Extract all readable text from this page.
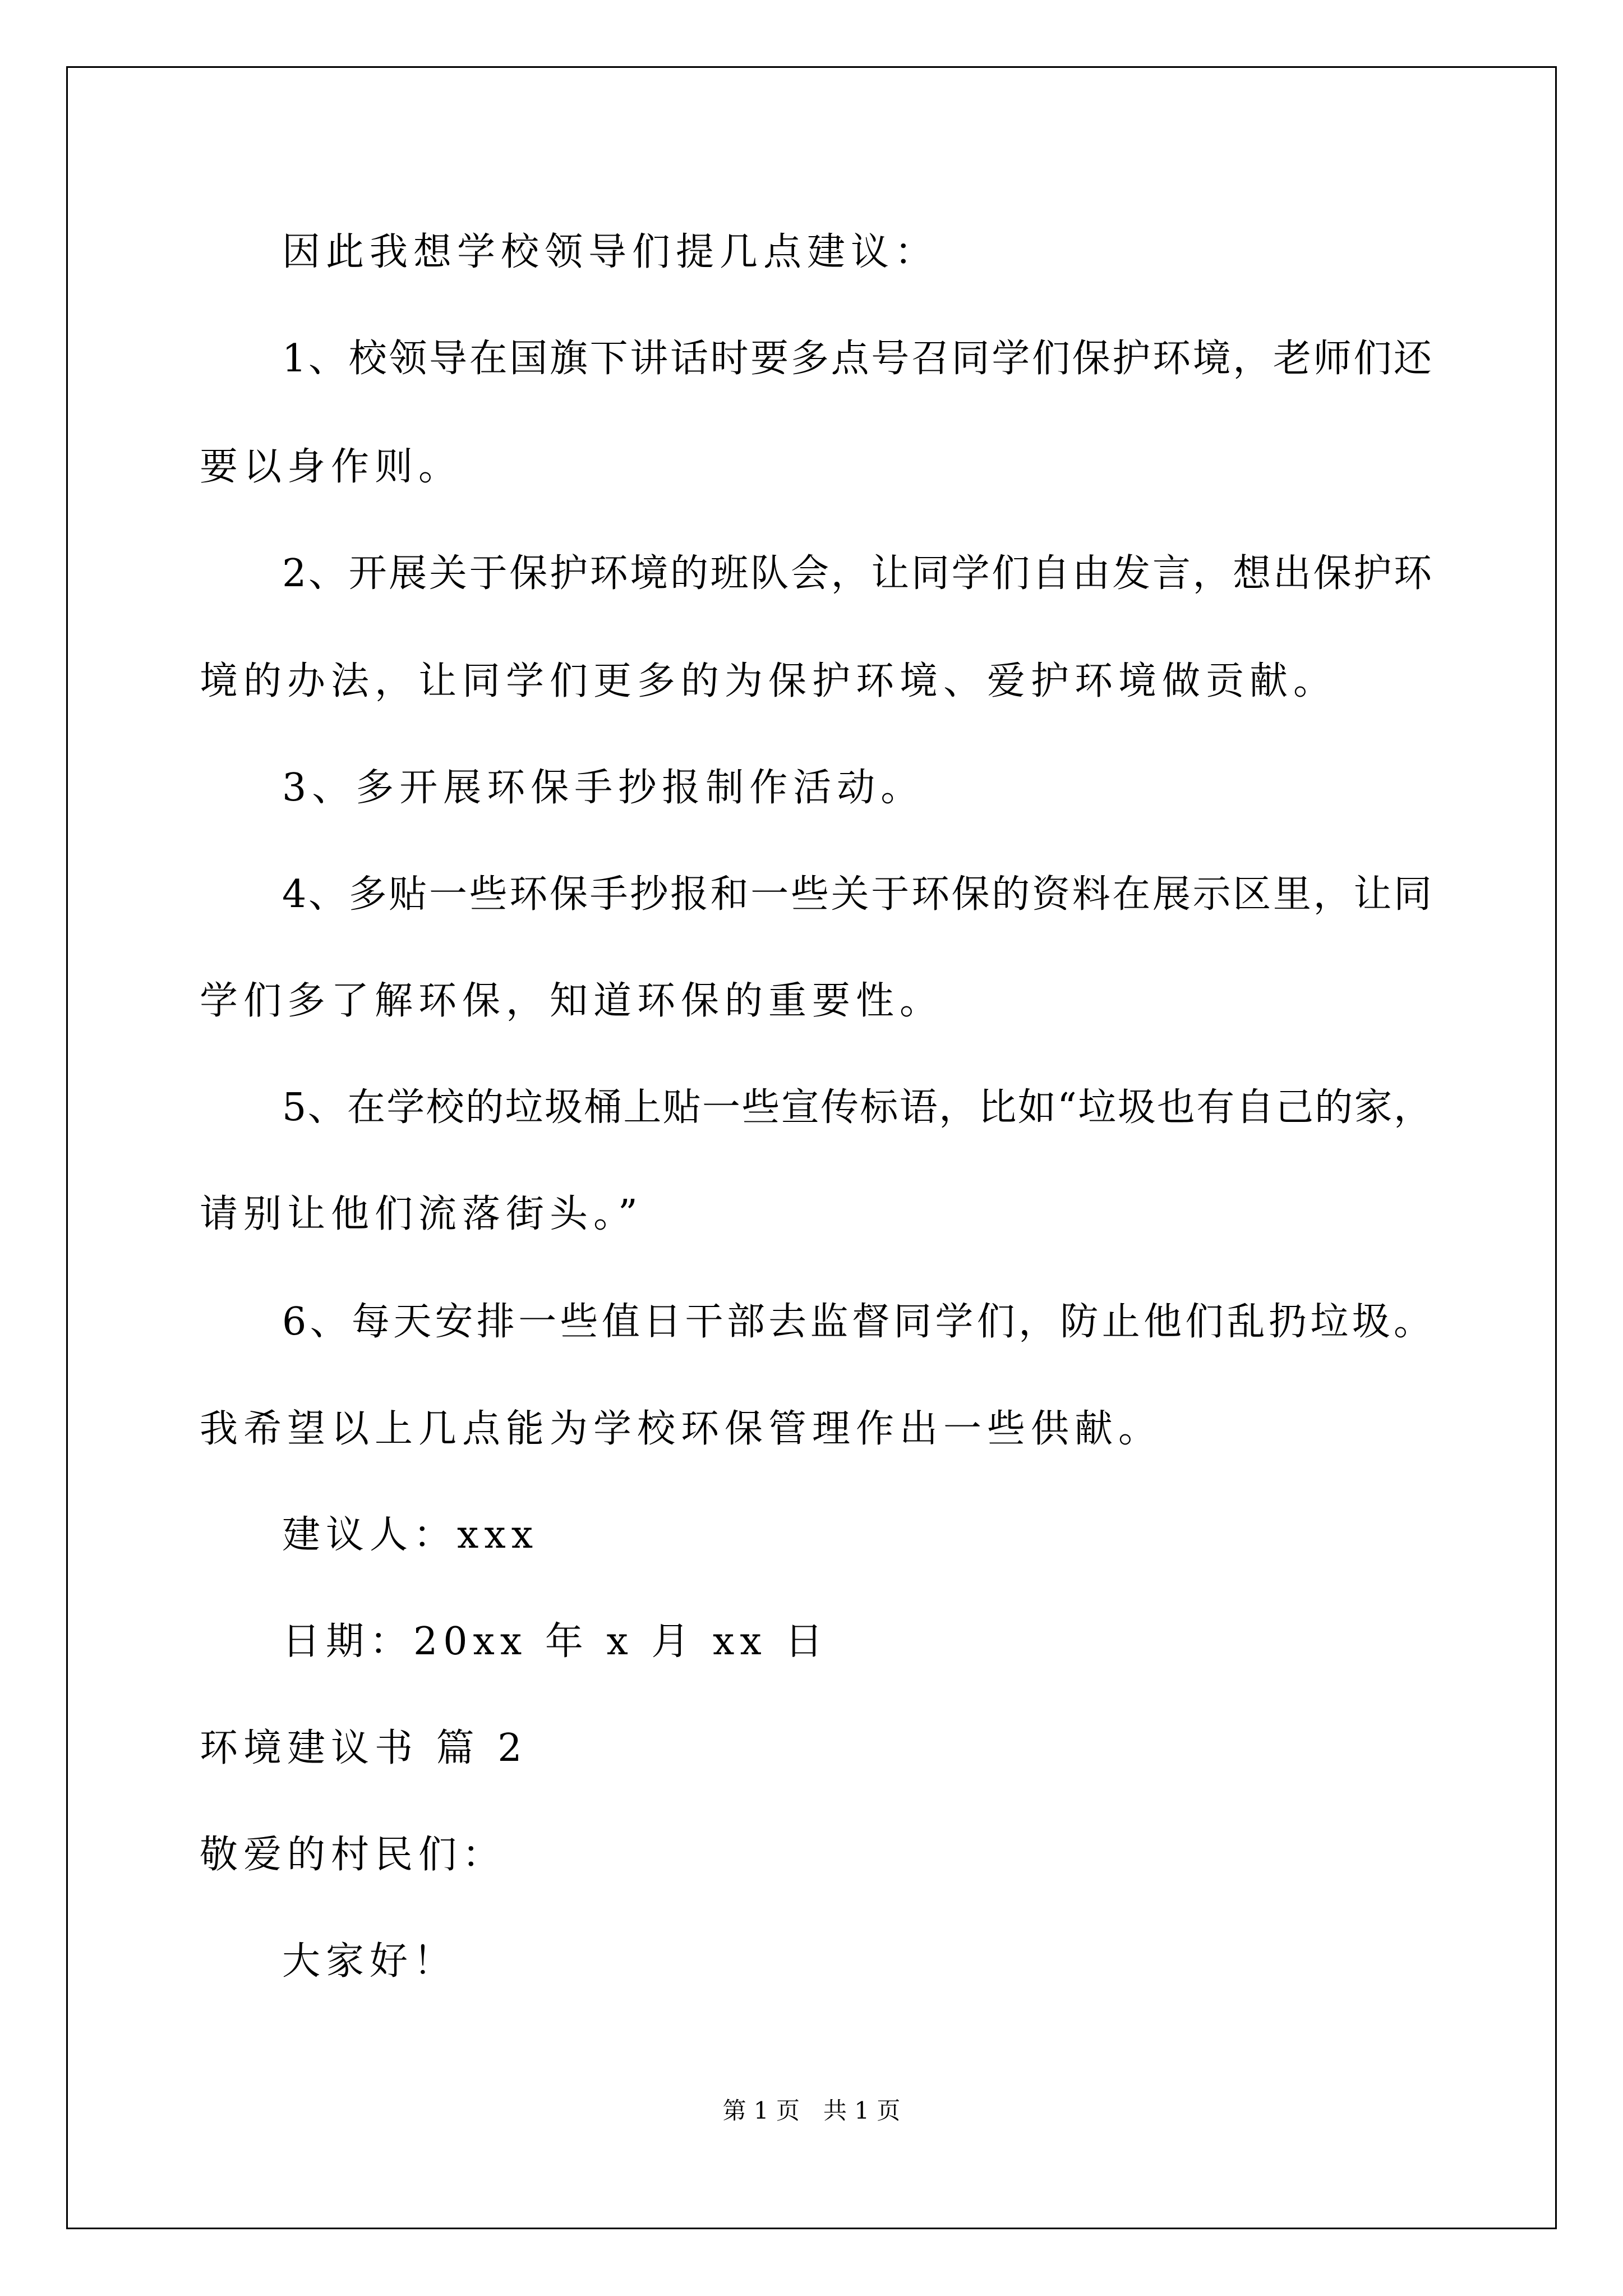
因此我想学校领导们提几点建议：
1、校领导在国旗下讲话时要多点号召同学们保护环境，老师们还
要以身作则。
2、开展关于保护环境的班队会，让同学们自由发言，想出保护环
境的办法，让同学们更多的为保护环境、爱护环境做贡献。
3、多开展环保手抄报制作活动。
4、多贴一些环保手抄报和一些关于环保的资料在展示区里，让同
学们多了解环保，知道环保的重要性。
5、在学校的垃圾桶上贴一些宣传标语，比如“垃圾也有自己的家，
请别让他们流落街头。”
6、每天安排一些值日干部去监督同学们，防止他们乱扔垃圾。
我希望以上几点能为学校环保管理作出一些供献。
建议人：xxx
日期：20xx 年 x 月 xx 日
环境建议书 篇 2
敬爱的村民们：
大家好！
第 1 页　共 1 页
